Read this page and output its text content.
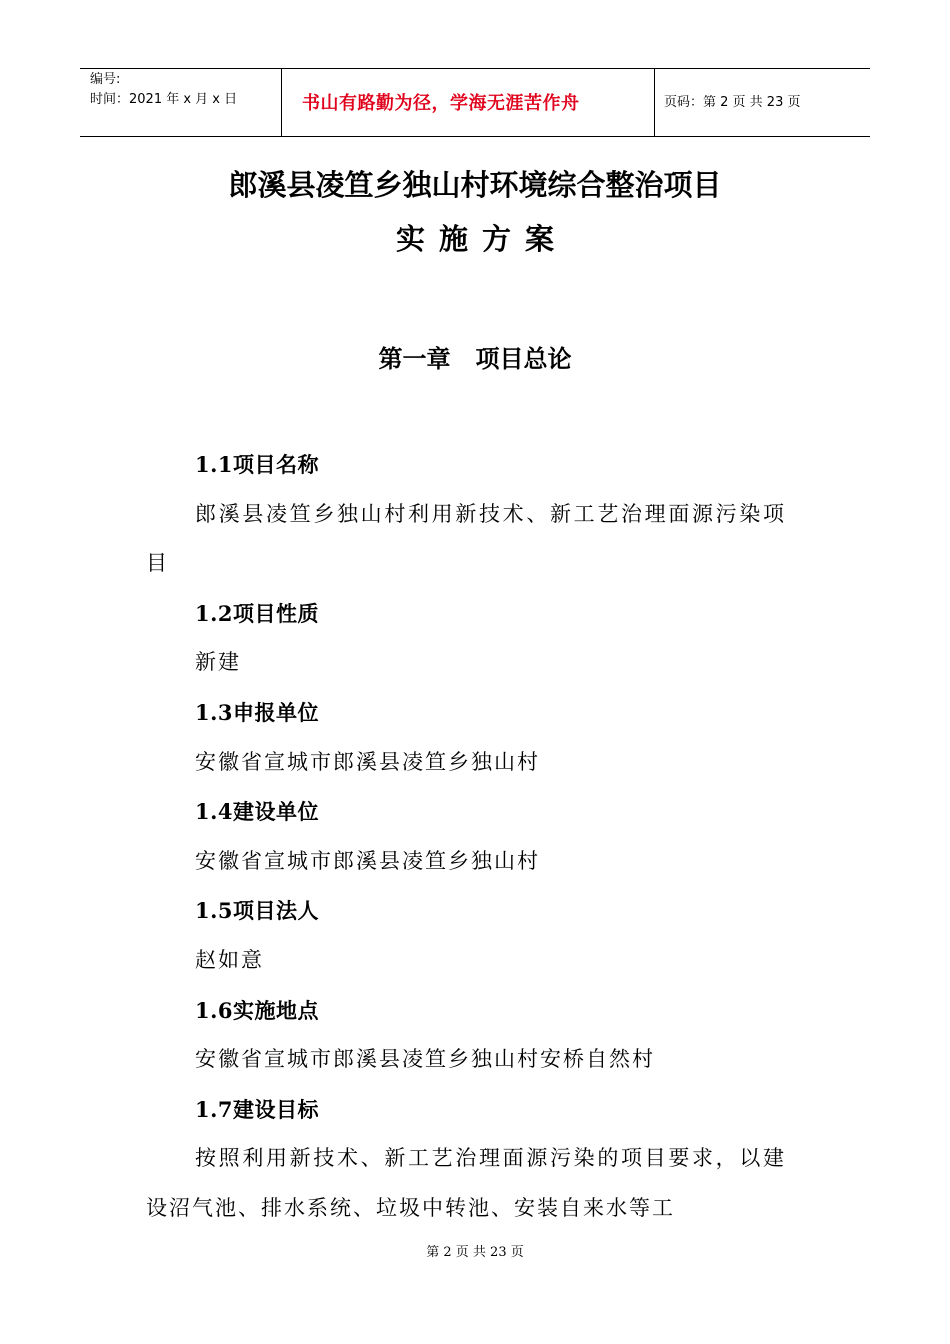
编号:
时间：2021 年 x 月 x 日	书山有路勤为径，学海无涯苦作舟	页码：第 2 页 共 23 页
郎溪县凌笪乡独山村环境综合整治项目
实施方案
第一章   项目总论
1.1项目名称
郎溪县凌笪乡独山村利用新技术、新工艺治理面源污染项目
1.2项目性质
新建
1.3申报单位
安徽省宣城市郎溪县凌笪乡独山村
1.4建设单位
安徽省宣城市郎溪县凌笪乡独山村
1.5项目法人
赵如意
1.6实施地点
安徽省宣城市郎溪县凌笪乡独山村安桥自然村
1.7建设目标
按照利用新技术、新工艺治理面源污染的项目要求，以建设沼气池、排水系统、垃圾中转池、安装自来水等工
第 2 页 共 23 页
